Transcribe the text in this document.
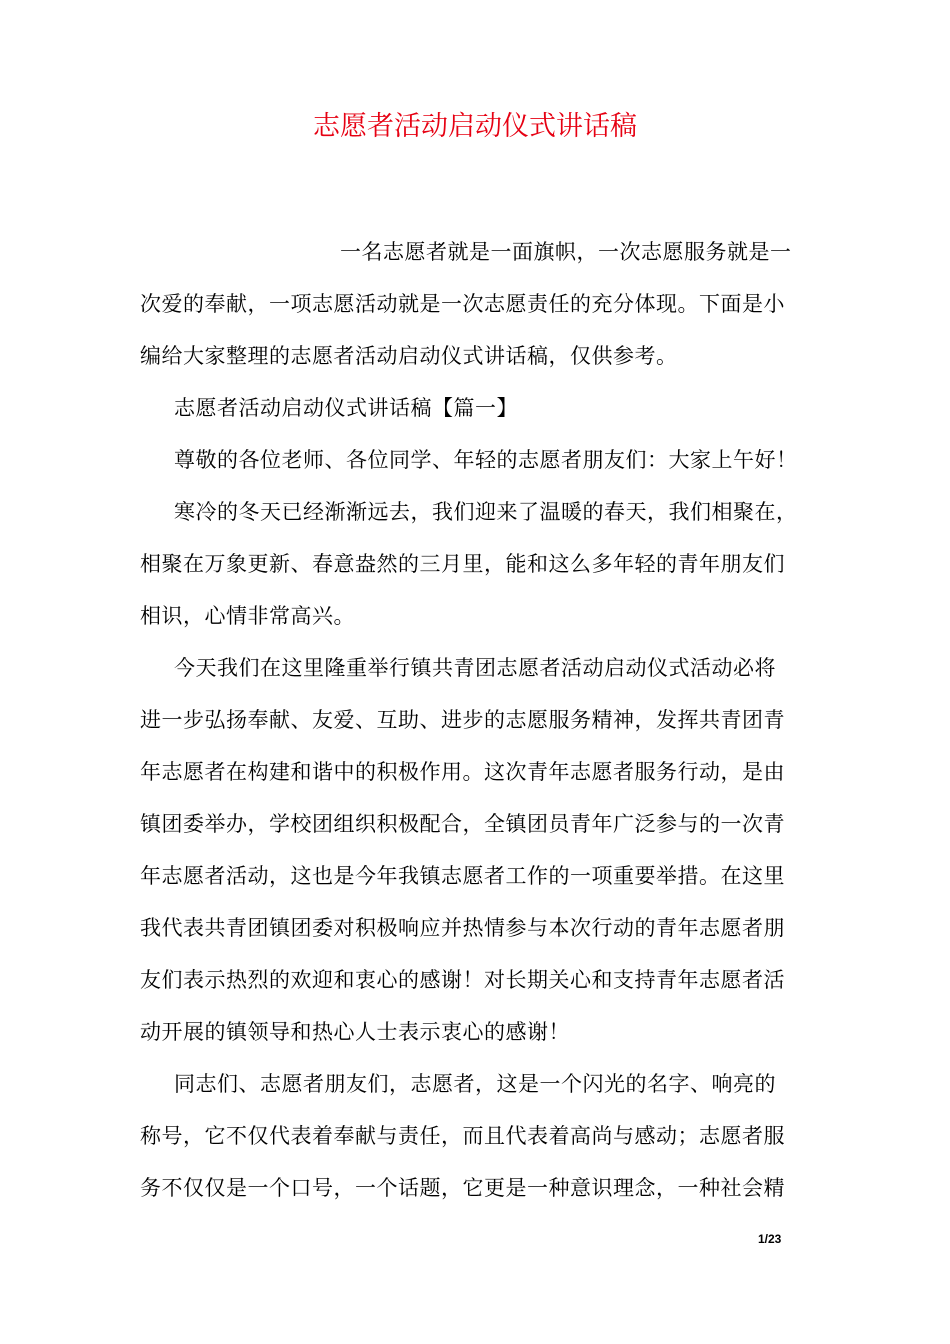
志愿者活动启动仪式讲话稿
一名志愿者就是一面旗帜，一次志愿服务就是一
次爱的奉献，一项志愿活动就是一次志愿责任的充分体现。下面是小
编给大家整理的志愿者活动启动仪式讲话稿，仅供参考。
志愿者活动启动仪式讲话稿【篇一】
尊敬的各位老师、各位同学、年轻的志愿者朋友们：大家上午好！
寒冷的冬天已经渐渐远去，我们迎来了温暖的春天，我们相聚在，
相聚在万象更新、春意盎然的三月里，能和这么多年轻的青年朋友们
相识，心情非常高兴。
今天我们在这里隆重举行镇共青团志愿者活动启动仪式活动必将
进一步弘扬奉献、友爱、互助、进步的志愿服务精神，发挥共青团青
年志愿者在构建和谐中的积极作用。这次青年志愿者服务行动，是由
镇团委举办，学校团组织积极配合，全镇团员青年广泛参与的一次青
年志愿者活动，这也是今年我镇志愿者工作的一项重要举措。在这里
我代表共青团镇团委对积极响应并热情参与本次行动的青年志愿者朋
友们表示热烈的欢迎和衷心的感谢！对长期关心和支持青年志愿者活
动开展的镇领导和热心人士表示衷心的感谢！
同志们、志愿者朋友们，志愿者，这是一个闪光的名字、响亮的
称号，它不仅代表着奉献与责任，而且代表着高尚与感动；志愿者服
务不仅仅是一个口号，一个话题，它更是一种意识理念，一种社会精
1/23
